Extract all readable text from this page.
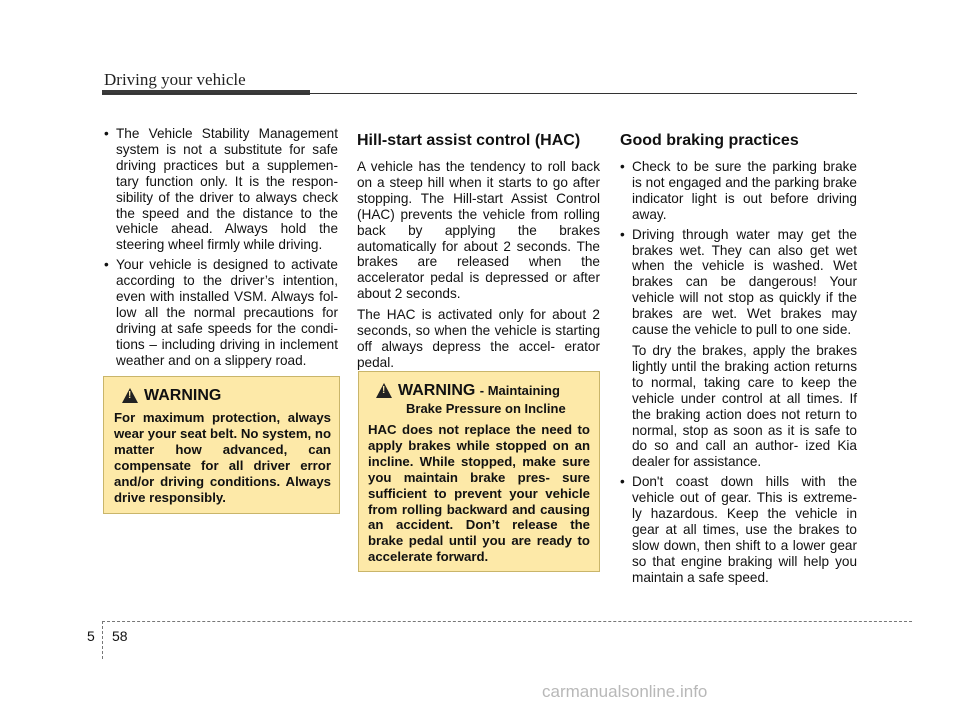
Driving your vehicle
• The Vehicle Stability Management system is not a substitute for safe driving practices but a supplemen- tary function only. It is the respon- sibility of the driver to always check the speed and the distance to the vehicle ahead. Always hold the steering wheel firmly while driving.
• Your vehicle is designed to activate according to the driver’s intention, even with installed VSM. Always fol- low all the normal precautions for driving at safe speeds for the condi- tions – including driving in inclement weather and on a slippery road.
!
WARNING

For maximum protection, always wear your seat belt. No system, no matter how advanced, can compensate for all driver error and/or driving conditions. Always drive responsibly.

Hill-start assist control (HAC)

A vehicle has the tendency to roll back on a steep hill when it starts to go after stopping. The Hill-start Assist Control (HAC) prevents the vehicle from rolling back by applying the brakes automatically for about 2 seconds. The brakes are released when the accelerator pedal is depressed or after about 2 seconds.

The HAC is activated only for about 2 seconds, so when the vehicle is starting off always depress the accel- erator pedal.

!
WARNING - Maintaining
Brake Pressure on Incline

HAC does not replace the need to apply brakes while stopped on an incline. While stopped, make sure you maintain brake pres- sure sufficient to prevent your vehicle from rolling backward and causing an accident. Don’t release the brake pedal until you are ready to accelerate forward.

Good braking practices
• Check to be sure the parking brake is not engaged and the parking brake indicator light is out before driving away.
• Driving through water may get the brakes wet. They can also get wet when the vehicle is washed. Wet brakes can be dangerous! Your vehicle will not stop as quickly if the brakes are wet. Wet brakes may cause the vehicle to pull to one side.

To dry the brakes, apply the brakes lightly until the braking action returns to normal, taking care to keep the vehicle under control at all times. If the braking action does not return to normal, stop as soon as it is safe to do so and call an author- ized Kia dealer for assistance.

• Don't coast down hills with the vehicle out of gear. This is extreme- ly hazardous. Keep the vehicle in gear at all times, use the brakes to slow down, then shift to a lower gear so that engine braking will help you maintain a safe speed.
5 58
carmanualsonline.info
